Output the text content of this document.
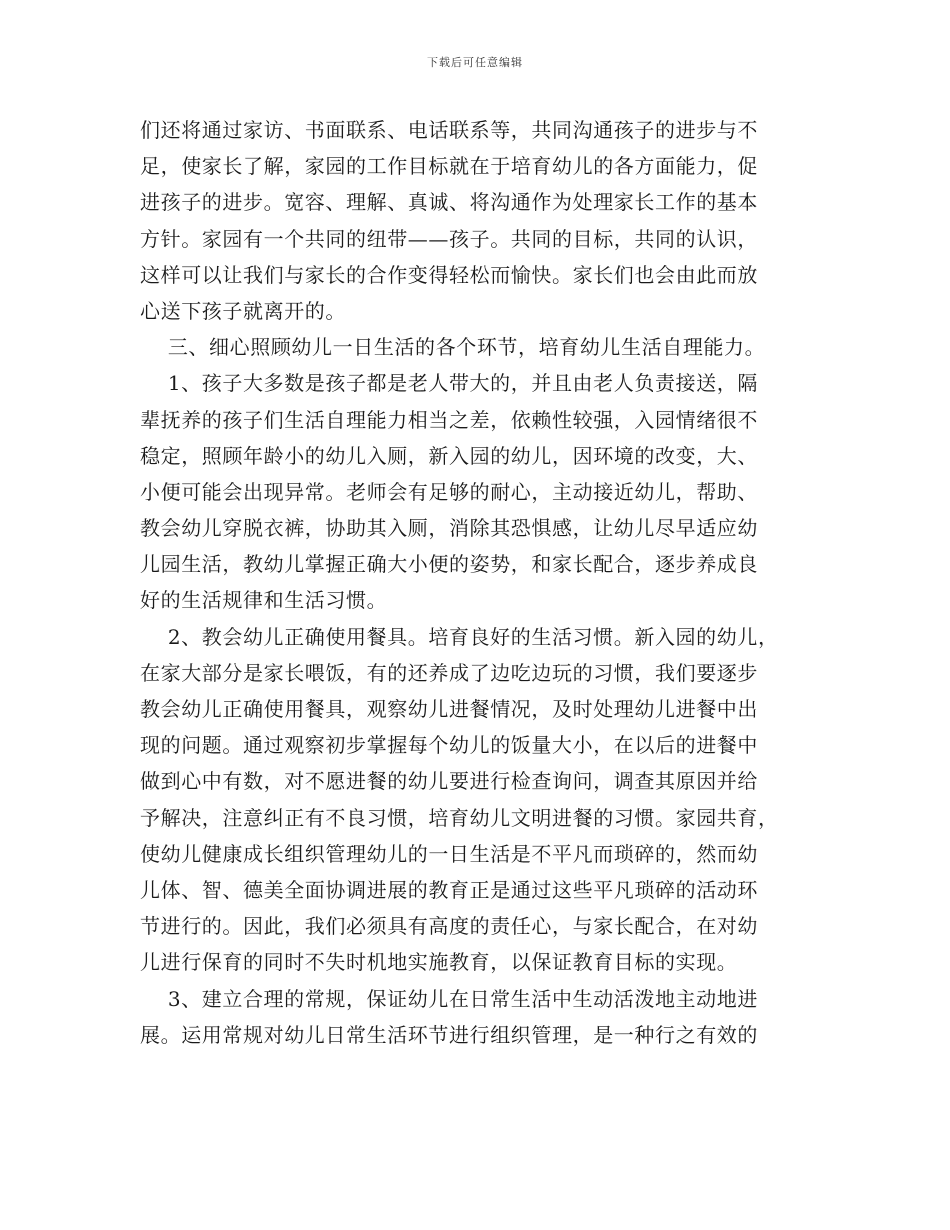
下载后可任意编辑
们还将通过家访、书面联系、电话联系等，共同沟通孩子的进步与不
足，使家长了解，家园的工作目标就在于培育幼儿的各方面能力，促
进孩子的进步。宽容、理解、真诚、将沟通作为处理家长工作的基本
方针。家园有一个共同的纽带——孩子。共同的目标，共同的认识，
这样可以让我们与家长的合作变得轻松而愉快。家长们也会由此而放
心送下孩子就离开的。
三、细心照顾幼儿一日生活的各个环节，培育幼儿生活自理能力。
1、孩子大多数是孩子都是老人带大的，并且由老人负责接送，隔
辈抚养的孩子们生活自理能力相当之差，依赖性较强，入园情绪很不
稳定，照顾年龄小的幼儿入厕，新入园的幼儿，因环境的改变，大、
小便可能会出现异常。老师会有足够的耐心，主动接近幼儿，帮助、
教会幼儿穿脱衣裤，协助其入厕，消除其恐惧感，让幼儿尽早适应幼
儿园生活，教幼儿掌握正确大小便的姿势，和家长配合，逐步养成良
好的生活规律和生活习惯。
2、教会幼儿正确使用餐具。培育良好的生活习惯。新入园的幼儿，
在家大部分是家长喂饭，有的还养成了边吃边玩的习惯，我们要逐步
教会幼儿正确使用餐具，观察幼儿进餐情况，及时处理幼儿进餐中出
现的问题。通过观察初步掌握每个幼儿的饭量大小，在以后的进餐中
做到心中有数，对不愿进餐的幼儿要进行检查询问，调查其原因并给
予解决，注意纠正有不良习惯，培育幼儿文明进餐的习惯。家园共育，
使幼儿健康成长组织管理幼儿的一日生活是不平凡而琐碎的，然而幼
儿体、智、德美全面协调进展的教育正是通过这些平凡琐碎的活动环
节进行的。因此，我们必须具有高度的责任心，与家长配合，在对幼
儿进行保育的同时不失时机地实施教育，以保证教育目标的实现。
3、建立合理的常规，保证幼儿在日常生活中生动活泼地主动地进
展。运用常规对幼儿日常生活环节进行组织管理，是一种行之有效的
